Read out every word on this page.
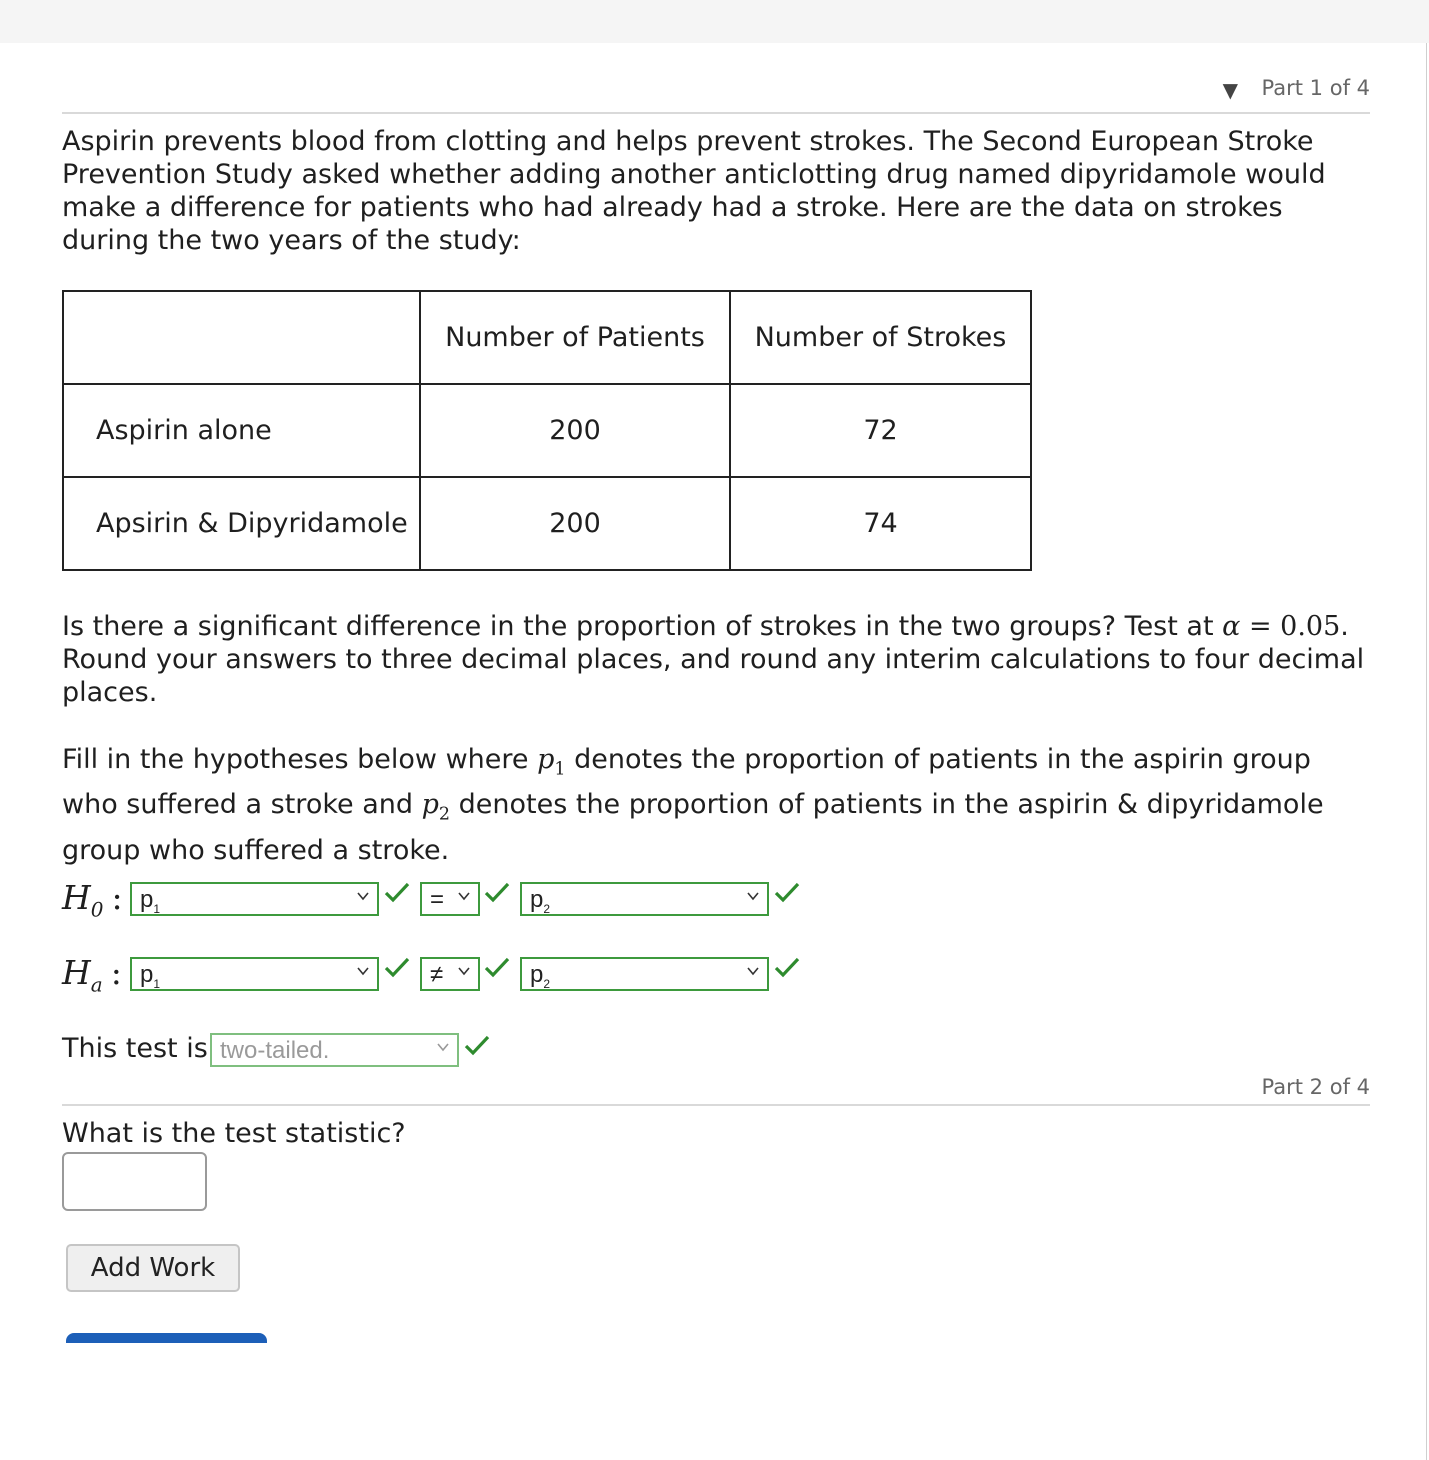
▼ Part 1 of 4
Aspirin prevents blood from clotting and helps prevent strokes. The Second European Stroke Prevention Study asked whether adding another anticlotting drug named dipyridamole would make a difference for patients who had already had a stroke. Here are the data on strokes during the two years of the study:
	Number of Patients	Number of Strokes
Aspirin alone	200	72
Apsirin & Dipyridamole	200	74
Is there a significant difference in the proportion of strokes in the two groups? Test at α = 0.05. Round your answers to three decimal places, and round any interim calculations to four decimal places.
Fill in the hypotheses below where $p_1$ denotes the proportion of patients in the aspirin group who suffered a stroke and $p_2$ denotes the proportion of patients in the aspirin & dipyridamole group who suffered a stroke.
$H_0$ : $p_1$	=	$p_2$
$H_a$ : $p_1$	≠	$p_2$
This test is two-tailed.
Part 2 of 4
What is the test statistic?
Add Work
